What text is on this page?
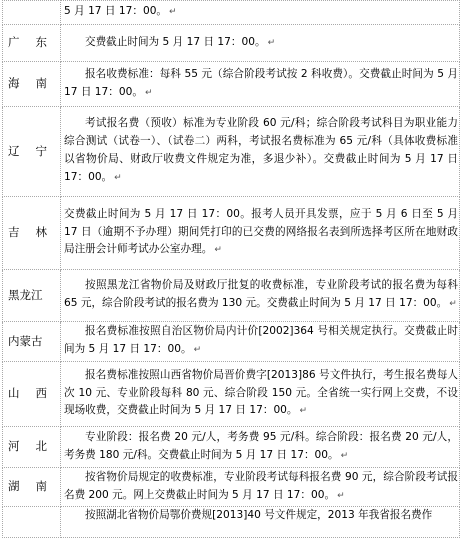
	5 月 17 日 17：00。 ↵

广东	交费截止时间为 5 月 17 日 17：00。 ↵

海南	报名收费标准：每科 55 元（综合阶段考试按 2 科收费）。交费截止时间为 5 月 17 日 17：00。 ↵

辽宁	考试报名费（预收）标准为专业阶段 60 元/科；综合阶段考试科目为职业能力综合测试（试卷一）、（试卷二）两科，考试报名费标准为 65 元/科（具体收费标准以省物价局、财政厅收费文件规定为准，多退少补）。交费截止时间为 5 月 17 日 17：00。 ↵

吉林	交费截止时间为 5 月 17 日 17：00。报考人员开具发票，应于 5 月 6 日至 5 月 17 日（逾期不予办理）期间凭打印的已交费的网络报名表到所选择考区所在地财政局注册会计师考试办公室办理。 ↵

黑龙江	按照黑龙江省物价局及财政厅批复的收费标准，专业阶段考试的报名费为每科 65 元，综合阶段考试的报名费为 130 元。交费截止时间为 5 月 17 日 17：00。 ↵

内蒙古	报名费标准按照自治区物价局内计价[2002]364 号相关规定执行。交费截止时间为 5 月 17 日 17：00。 ↵

山西	报名费标准按照山西省物价局晋价费字[2013]86 号文件执行，考生报名费每人次 10 元、专业阶段每科 80 元、综合阶段 150 元。全省统一实行网上交费，不设现场收费，交费截止时间为 5 月 17 日 17：00。 ↵

河北	专业阶段：报名费 20 元/人，考务费 95 元/科。综合阶段：报名费 20 元/人，考务费 180 元/科。交费截止时间为 5 月 17 日 17：00。 ↵

湖南	按省物价局规定的收费标准，专业阶段考试每科报名费 90 元，综合阶段考试报名费 200 元。网上交费截止时间为 5 月 17 日 17：00。 ↵

	按照湖北省物价局鄂价费规[2013]40 号文件规定，2013 年我省报名费作
